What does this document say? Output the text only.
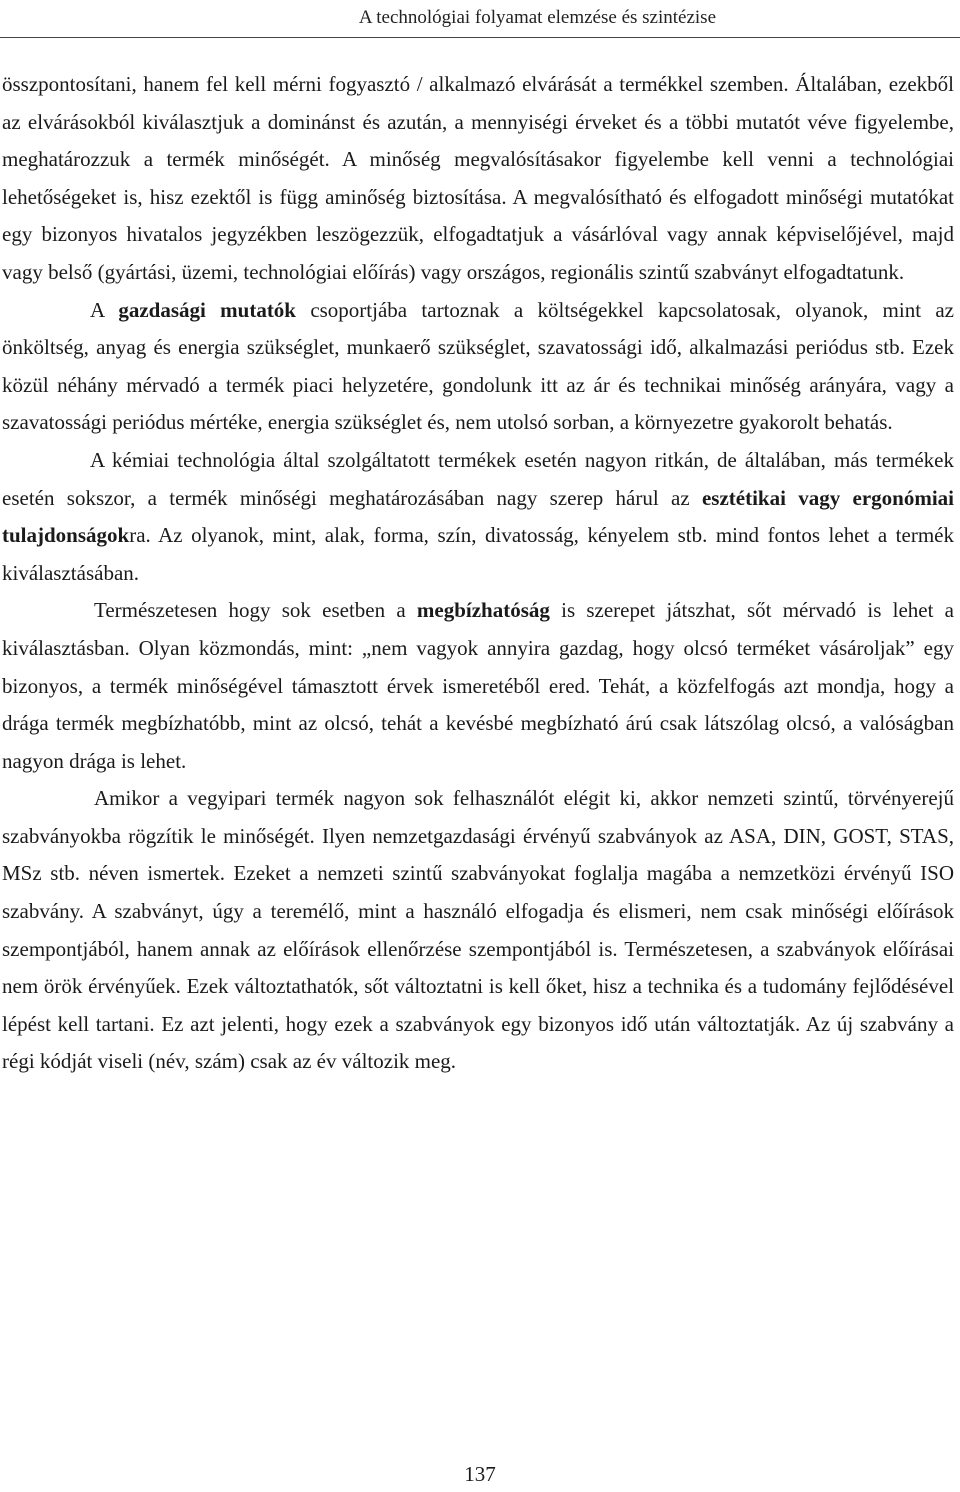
A technológiai folyamat elemzése és szintézise

összpontosítani, hanem fel kell mérni fogyasztó / alkalmazó elvárását a termékkel szemben. Általában, ezekből az elvárásokból kiválasztjuk a dominánst és azután, a mennyiségi érveket és a többi mutatót véve figyelembe, meghatározzuk a termék minőségét. A minőség megvalósításakor figyelembe kell venni a technológiai lehetőségeket is, hisz ezektől is függ aminőség biztosítása. A megvalósítható és elfogadott minőségi mutatókat egy bizonyos hivatalos jegyzékben leszögezzük, elfogadtatjuk a vásárlóval vagy annak képviselőjével, majd vagy belső (gyártási, üzemi, technológiai előírás) vagy országos, regionális szintű szabványt elfogadtatunk.

A gazdasági mutatók csoportjába tartoznak a költségekkel kapcsolatosak, olyanok, mint az önköltség, anyag és energia szükséglet, munkaerő szükséglet, szavatossági idő, alkalmazási periódus stb. Ezek közül néhány mérvadó a termék piaci helyzetére, gondolunk itt az ár és technikai minőség arányára, vagy a szavatossági periódus mértéke, energia szükséglet és, nem utolsó sorban, a környezetre gyakorolt behatás.

A kémiai technológia által szolgáltatott termékek esetén nagyon ritkán, de általában, más termékek esetén sokszor, a termék minőségi meghatározásában nagy szerep hárul az esztétikai vagy ergonómiai tulajdonságokra. Az olyanok, mint, alak, forma, szín, divatosság, kényelem stb. mind fontos lehet a termék kiválasztásában.

Természetesen hogy sok esetben a megbízhatóság is szerepet játszhat, sőt mérvadó is lehet a kiválasztásban. Olyan közmondás, mint: „nem vagyok annyira gazdag, hogy olcsó terméket vásároljak” egy bizonyos, a termék minőségével támasztott érvek ismeretéből ered. Tehát, a közfelfogás azt mondja, hogy a drága termék megbízhatóbb, mint az olcsó, tehát a kevésbé megbízható árú csak látszólag olcsó, a valóságban nagyon drága is lehet.

Amikor a vegyipari termék nagyon sok felhasználót elégit ki, akkor nemzeti szintű, törvényerejű szabványokba rögzítik le minőségét. Ilyen nemzetgazdasági érvényű szabványok az ASA, DIN, GOST, STAS, MSz stb. néven ismertek. Ezeket a nemzeti szintű szabványokat foglalja magába a nemzetközi érvényű ISO szabvány. A szabványt, úgy a teremélő, mint a használó elfogadja és elismeri, nem csak minőségi előírások szempontjából, hanem annak az előírások ellenőrzése szempontjából is. Természetesen, a szabványok előírásai nem örök érvényűek. Ezek változtathatók, sőt változtatni is kell őket, hisz a technika és a tudomány fejlődésével lépést kell tartani. Ez azt jelenti, hogy ezek a szabványok egy bizonyos idő után változtatják. Az új szabvány a régi kódját viseli (név, szám) csak az év változik meg.

137
